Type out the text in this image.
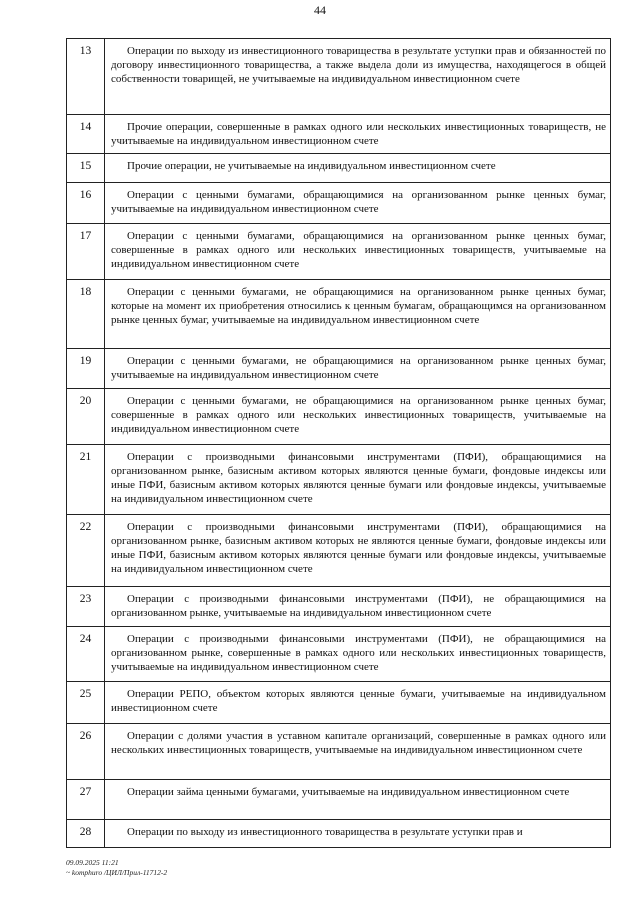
44
13	Операции по выходу из инвестиционного товарищества в результате уступки прав и обязанностей по договору инвестиционного товарищества, а также выдела доли из имущества, находящегося в общей собственности товарищей, не учитываемые на индивидуальном инвестиционном счете

14	Прочие операции, совершенные в рамках одного или нескольких инвестиционных товариществ, не учитываемые на индивидуальном инвестиционном счете

15	Прочие операции, не учитываемые на индивидуальном инвестиционном счете

16	Операции с ценными бумагами, обращающимися на организованном рынке ценных бумаг, учитываемые на индивидуальном инвестиционном счете

17	Операции с ценными бумагами, обращающимися на организованном рынке ценных бумаг, совершенные в рамках одного или нескольких инвестиционных товариществ, учитываемые на индивидуальном инвестиционном счете

18	Операции с ценными бумагами, не обращающимися на организованном рынке ценных бумаг, которые на момент их приобретения относились к ценным бумагам, обращающимся на организованном рынке ценных бумаг, учитываемые на индивидуальном инвестиционном счете

19	Операции с ценными бумагами, не обращающимися на организованном рынке ценных бумаг, учитываемые на индивидуальном инвестиционном счете

20	Операции с ценными бумагами, не обращающимися на организованном рынке ценных бумаг, совершенные в рамках одного или нескольких инвестиционных товариществ, учитываемые на индивидуальном инвестиционном счете

21	Операции с производными финансовыми инструментами (ПФИ), обращающимися на организованном рынке, базисным активом которых являются ценные бумаги, фондовые индексы или иные ПФИ, базисным активом которых являются ценные бумаги или фондовые индексы, учитываемые на индивидуальном инвестиционном счете

22	Операции с производными финансовыми инструментами (ПФИ), обращающимися на организованном рынке, базисным активом которых не являются ценные бумаги, фондовые индексы или иные ПФИ, базисным активом которых являются ценные бумаги или фондовые индексы, учитываемые на индивидуальном инвестиционном счете

23	Операции с производными финансовыми инструментами (ПФИ), не обращающимися на организованном рынке, учитываемые на индивидуальном инвестиционном счете

24	Операции с производными финансовыми инструментами (ПФИ), не обращающимися на организованном рынке, совершенные в рамках одного или нескольких инвестиционных товариществ, учитываемые на индивидуальном инвестиционном счете

25	Операции РЕПО, объектом которых являются ценные бумаги, учитываемые на индивидуальном инвестиционном счете

26	Операции с долями участия в уставном капитале организаций, совершенные в рамках одного или нескольких инвестиционных товариществ, учитываемые на индивидуальном инвестиционном счете

27	Операции займа ценными бумагами, учитываемые на индивидуальном инвестиционном счете

28	Операции по выходу из инвестиционного товарищества в результате уступки прав и
09.09.2025 11:21
~ komphuro /ЦИЛ/Прил-11712-2
